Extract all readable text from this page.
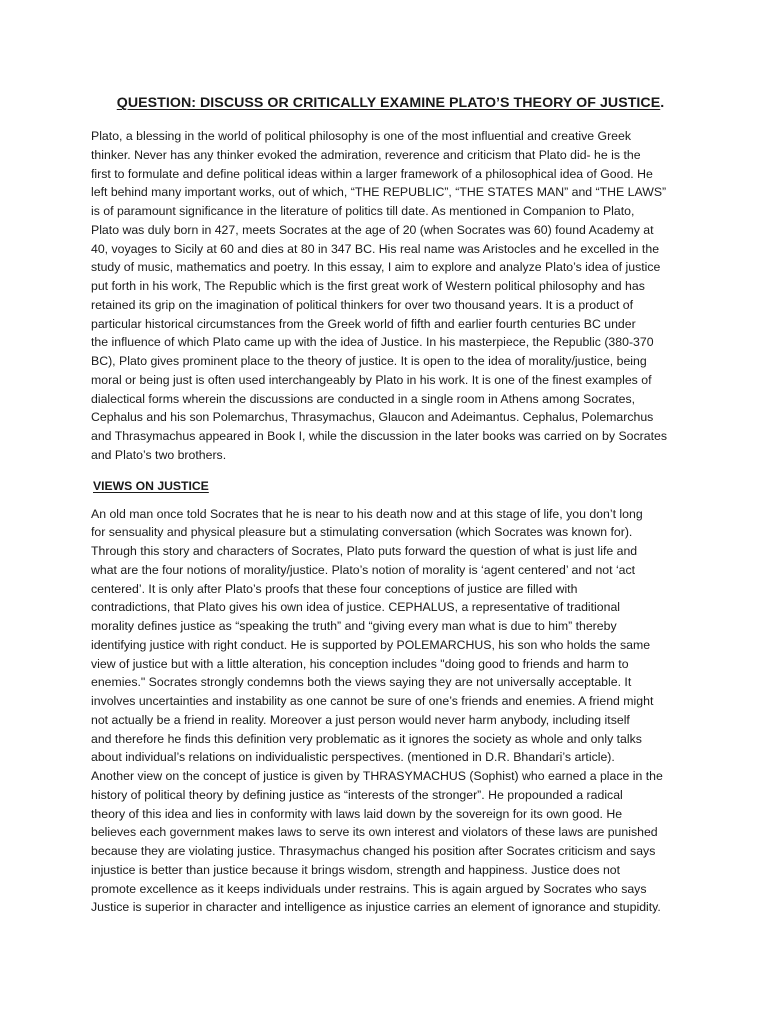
QUESTION: DISCUSS OR CRITICALLY EXAMINE PLATO’S THEORY OF JUSTICE.
Plato, a blessing in the world of political philosophy is one of the most influential and creative Greek
thinker. Never has any thinker evoked the admiration, reverence and criticism that Plato did- he is the
first to formulate and define political ideas within a larger framework of a philosophical idea of Good. He
left behind many important works, out of which, “THE REPUBLIC”, “THE STATES MAN” and “THE LAWS”
is of paramount significance in the literature of politics till date. As mentioned in Companion to Plato,
Plato was duly born in 427, meets Socrates at the age of 20 (when Socrates was 60) found Academy at
40, voyages to Sicily at 60 and dies at 80 in 347 BC. His real name was Aristocles and he excelled in the
study of music, mathematics and poetry. In this essay, I aim to explore and analyze Plato’s idea of justice
put forth in his work, The Republic which is the first great work of Western political philosophy and has
retained its grip on the imagination of political thinkers for over two thousand years. It is a product of
particular historical circumstances from the Greek world of fifth and earlier fourth centuries BC under
the influence of which Plato came up with the idea of Justice. In his masterpiece, the Republic (380-370
BC), Plato gives prominent place to the theory of justice. It is open to the idea of morality/justice, being
moral or being just is often used interchangeably by Plato in his work. It is one of the finest examples of
dialectical forms wherein the discussions are conducted in a single room in Athens among Socrates,
Cephalus and his son Polemarchus, Thrasymachus, Glaucon and Adeimantus. Cephalus, Polemarchus
and Thrasymachus appeared in Book I, while the discussion in the later books was carried on by Socrates
and Plato’s two brothers.
VIEWS ON JUSTICE
An old man once told Socrates that he is near to his death now and at this stage of life, you don’t long
for sensuality and physical pleasure but a stimulating conversation (which Socrates was known for).
Through this story and characters of Socrates, Plato puts forward the question of what is just life and
what are the four notions of morality/justice. Plato’s notion of morality is ‘agent centered’ and not ‘act
centered’. It is only after Plato’s proofs that these four conceptions of justice are filled with
contradictions, that Plato gives his own idea of justice. CEPHALUS, a representative of traditional
morality defines justice as “speaking the truth” and “giving every man what is due to him” thereby
identifying justice with right conduct. He is supported by POLEMARCHUS, his son who holds the same
view of justice but with a little alteration, his conception includes "doing good to friends and harm to
enemies." Socrates strongly condemns both the views saying they are not universally acceptable. It
involves uncertainties and instability as one cannot be sure of one’s friends and enemies. A friend might
not actually be a friend in reality. Moreover a just person would never harm anybody, including itself
and therefore he finds this definition very problematic as it ignores the society as whole and only talks
about individual’s relations on individualistic perspectives. (mentioned in D.R. Bhandari’s article).
Another view on the concept of justice is given by THRASYMACHUS (Sophist) who earned a place in the
history of political theory by defining justice as “interests of the stronger”. He propounded a radical
theory of this idea and lies in conformity with laws laid down by the sovereign for its own good. He
believes each government makes laws to serve its own interest and violators of these laws are punished
because they are violating justice. Thrasymachus changed his position after Socrates criticism and says
injustice is better than justice because it brings wisdom, strength and happiness. Justice does not
promote excellence as it keeps individuals under restrains. This is again argued by Socrates who says
Justice is superior in character and intelligence as injustice carries an element of ignorance and stupidity.
